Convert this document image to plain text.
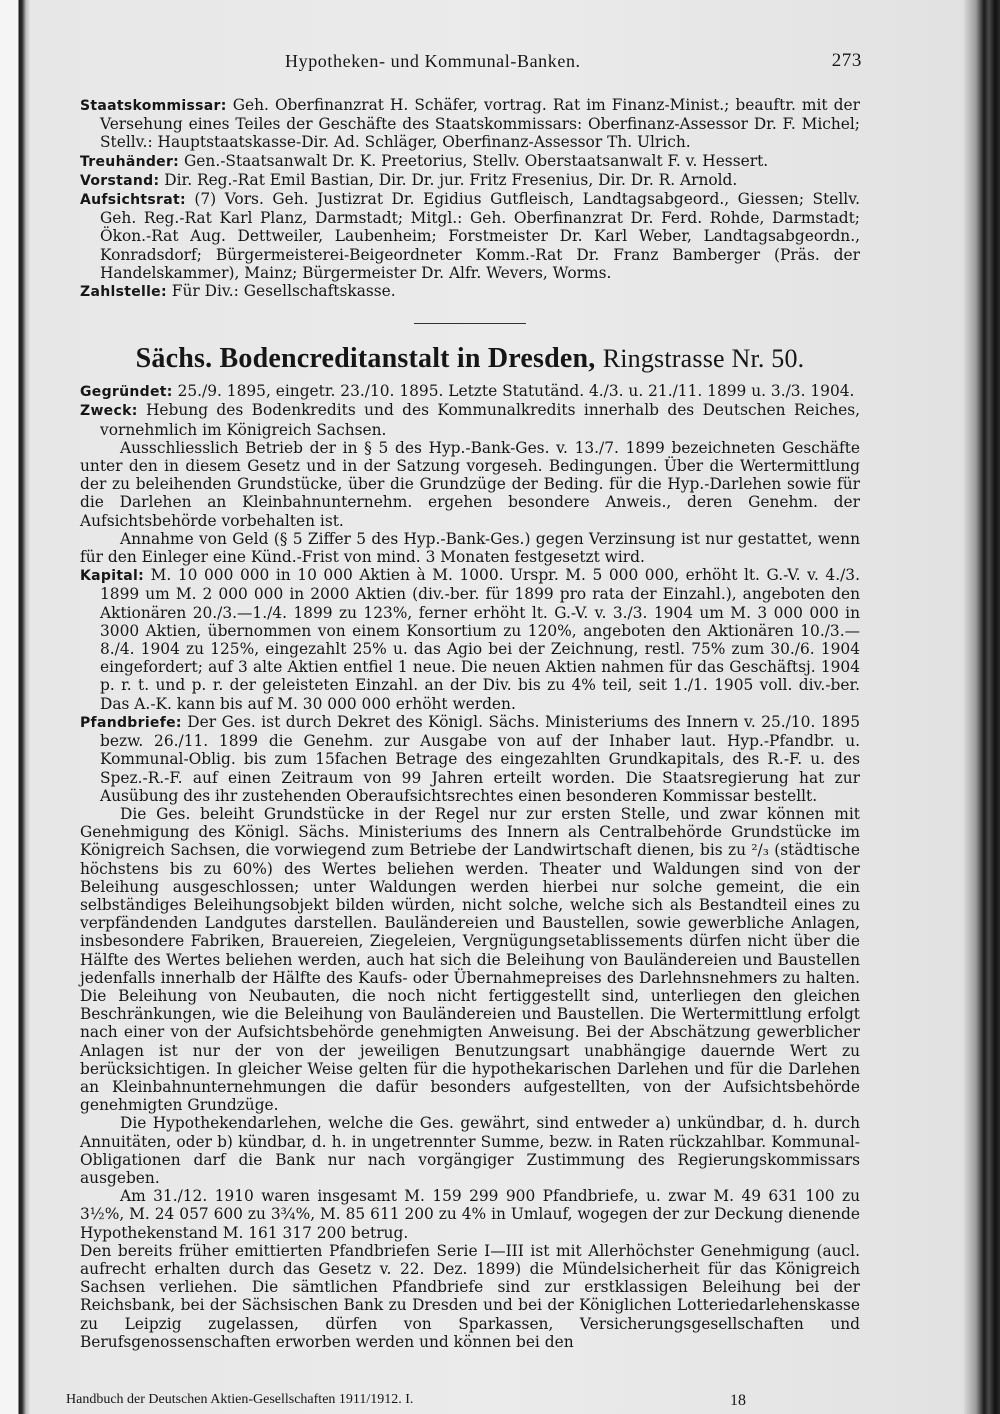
Hypotheken- und Kommunal-Banken.	273

Staatskommissar: Geh. Oberfinanzrat H. Schäfer, vortrag. Rat im Finanz-Minist.; beauftr. mit der Versehung eines Teiles der Geschäfte des Staatskommissars: Oberfinanz-Assessor Dr. F. Michel; Stellv.: Hauptstaatskasse-Dir. Ad. Schläger, Oberfinanz-Assessor Th. Ulrich.

Treuhänder: Gen.-Staatsanwalt Dr. K. Preetorius, Stellv. Oberstaatsanwalt F. v. Hessert.

Vorstand: Dir. Reg.-Rat Emil Bastian, Dir. Dr. jur. Fritz Fresenius, Dir. Dr. R. Arnold.

Aufsichtsrat: (7) Vors. Geh. Justizrat Dr. Egidius Gutfleisch, Landtagsabgeord., Giessen; Stellv. Geh. Reg.-Rat Karl Planz, Darmstadt; Mitgl.: Geh. Oberfinanzrat Dr. Ferd. Rohde, Darmstadt; Ökon.-Rat Aug. Dettweiler, Laubenheim; Forstmeister Dr. Karl Weber, Landtagsabgeordn., Konradsdorf; Bürgermeisterei-Beigeordneter Komm.-Rat Dr. Franz Bamberger (Präs. der Handelskammer), Mainz; Bürgermeister Dr. Alfr. Wevers, Worms.

Zahlstelle: Für Div.: Gesellschaftskasse.

Sächs. Bodencreditanstalt in Dresden, Ringstrasse Nr. 50.

Gegründet: 25./9. 1895, eingetr. 23./10. 1895. Letzte Statutänd. 4./3. u. 21./11. 1899 u. 3./3. 1904.

Zweck: Hebung des Bodenkredits und des Kommunalkredits innerhalb des Deutschen Reiches, vornehmlich im Königreich Sachsen.

Ausschliesslich Betrieb der in § 5 des Hyp.-Bank-Ges. v. 13./7. 1899 bezeichneten Geschäfte unter den in diesem Gesetz und in der Satzung vorgeseh. Bedingungen. Über die Wertermittlung der zu beleihenden Grundstücke, über die Grundzüge der Beding. für die Hyp.-Darlehen sowie für die Darlehen an Kleinbahnunternehm. ergehen besondere Anweis., deren Genehm. der Aufsichtsbehörde vorbehalten ist.

Annahme von Geld (§ 5 Ziffer 5 des Hyp.-Bank-Ges.) gegen Verzinsung ist nur gestattet, wenn für den Einleger eine Künd.-Frist von mind. 3 Monaten festgesetzt wird.

Kapital: M. 10 000 000 in 10 000 Aktien à M. 1000. Urspr. M. 5 000 000, erhöht lt. G.-V. v. 4./3. 1899 um M. 2 000 000 in 2000 Aktien (div.-ber. für 1899 pro rata der Einzahl.), angeboten den Aktionären 20./3.—1./4. 1899 zu 123%, ferner erhöht lt. G.-V. v. 3./3. 1904 um M. 3 000 000 in 3000 Aktien, übernommen von einem Konsortium zu 120%, angeboten den Aktionären 10./3.—8./4. 1904 zu 125%, eingezahlt 25% u. das Agio bei der Zeichnung, restl. 75% zum 30./6. 1904 eingefordert; auf 3 alte Aktien entfiel 1 neue. Die neuen Aktien nahmen für das Geschäftsj. 1904 p. r. t. und p. r. der geleisteten Einzahl. an der Div. bis zu 4% teil, seit 1./1. 1905 voll. div.-ber. Das A.-K. kann bis auf M. 30 000 000 erhöht werden.

Pfandbriefe: Der Ges. ist durch Dekret des Königl. Sächs. Ministeriums des Innern v. 25./10. 1895 bezw. 26./11. 1899 die Genehm. zur Ausgabe von auf der Inhaber laut. Hyp.-Pfandbr. u. Kommunal-Oblig. bis zum 15fachen Betrage des eingezahlten Grundkapitals, des R.-F. u. des Spez.-R.-F. auf einen Zeitraum von 99 Jahren erteilt worden. Die Staatsregierung hat zur Ausübung des ihr zustehenden Oberaufsichtsrechtes einen besonderen Kommissar bestellt.

Die Ges. beleiht Grundstücke in der Regel nur zur ersten Stelle, und zwar können mit Genehmigung des Königl. Sächs. Ministeriums des Innern als Centralbehörde Grundstücke im Königreich Sachsen, die vorwiegend zum Betriebe der Landwirtschaft dienen, bis zu ²/₃ (städtische höchstens bis zu 60%) des Wertes beliehen werden. Theater und Waldungen sind von der Beleihung ausgeschlossen; unter Waldungen werden hierbei nur solche gemeint, die ein selbständiges Beleihungsobjekt bilden würden, nicht solche, welche sich als Bestandteil eines zu verpfändenden Landgutes darstellen. Bauländereien und Baustellen, sowie gewerbliche Anlagen, insbesondere Fabriken, Brauereien, Ziegeleien, Vergnügungsetablissements dürfen nicht über die Hälfte des Wertes beliehen werden, auch hat sich die Beleihung von Bauländereien und Baustellen jedenfalls innerhalb der Hälfte des Kaufs- oder Übernahmepreises des Darlehnsnehmers zu halten. Die Beleihung von Neubauten, die noch nicht fertiggestellt sind, unterliegen den gleichen Beschränkungen, wie die Beleihung von Bauländereien und Baustellen. Die Wertermittlung erfolgt nach einer von der Aufsichtsbehörde genehmigten Anweisung. Bei der Abschätzung gewerblicher Anlagen ist nur der von der jeweiligen Benutzungsart unabhängige dauernde Wert zu berücksichtigen. In gleicher Weise gelten für die hypothekarischen Darlehen und für die Darlehen an Kleinbahnunternehmungen die dafür besonders aufgestellten, von der Aufsichtsbehörde genehmigten Grundzüge.

Die Hypothekendarlehen, welche die Ges. gewährt, sind entweder a) unkündbar, d. h. durch Annuitäten, oder b) kündbar, d. h. in ungetrennter Summe, bezw. in Raten rückzahlbar. Kommunal-Obligationen darf die Bank nur nach vorgängiger Zustimmung des Regierungskommissars ausgeben.

Am 31./12. 1910 waren insgesamt M. 159 299 900 Pfandbriefe, u. zwar M. 49 631 100 zu 3½%, M. 24 057 600 zu 3¾%, M. 85 611 200 zu 4% in Umlauf, wogegen der zur Deckung dienende Hypothekenstand M. 161 317 200 betrug.

Den bereits früher emittierten Pfandbriefen Serie I—III ist mit Allerhöchster Genehmigung (aucl. aufrecht erhalten durch das Gesetz v. 22. Dez. 1899) die Mündelsicherheit für das Königreich Sachsen verliehen. Die sämtlichen Pfandbriefe sind zur erstklassigen Beleihung bei der Reichsbank, bei der Sächsischen Bank zu Dresden und bei der Königlichen Lotteriedarlehenskasse zu Leipzig zugelassen, dürfen von Sparkassen, Versicherungsgesellschaften und Berufsgenossenschaften erworben werden und können bei den

Handbuch der Deutschen Aktien-Gesellschaften 1911/1912. I.	18
